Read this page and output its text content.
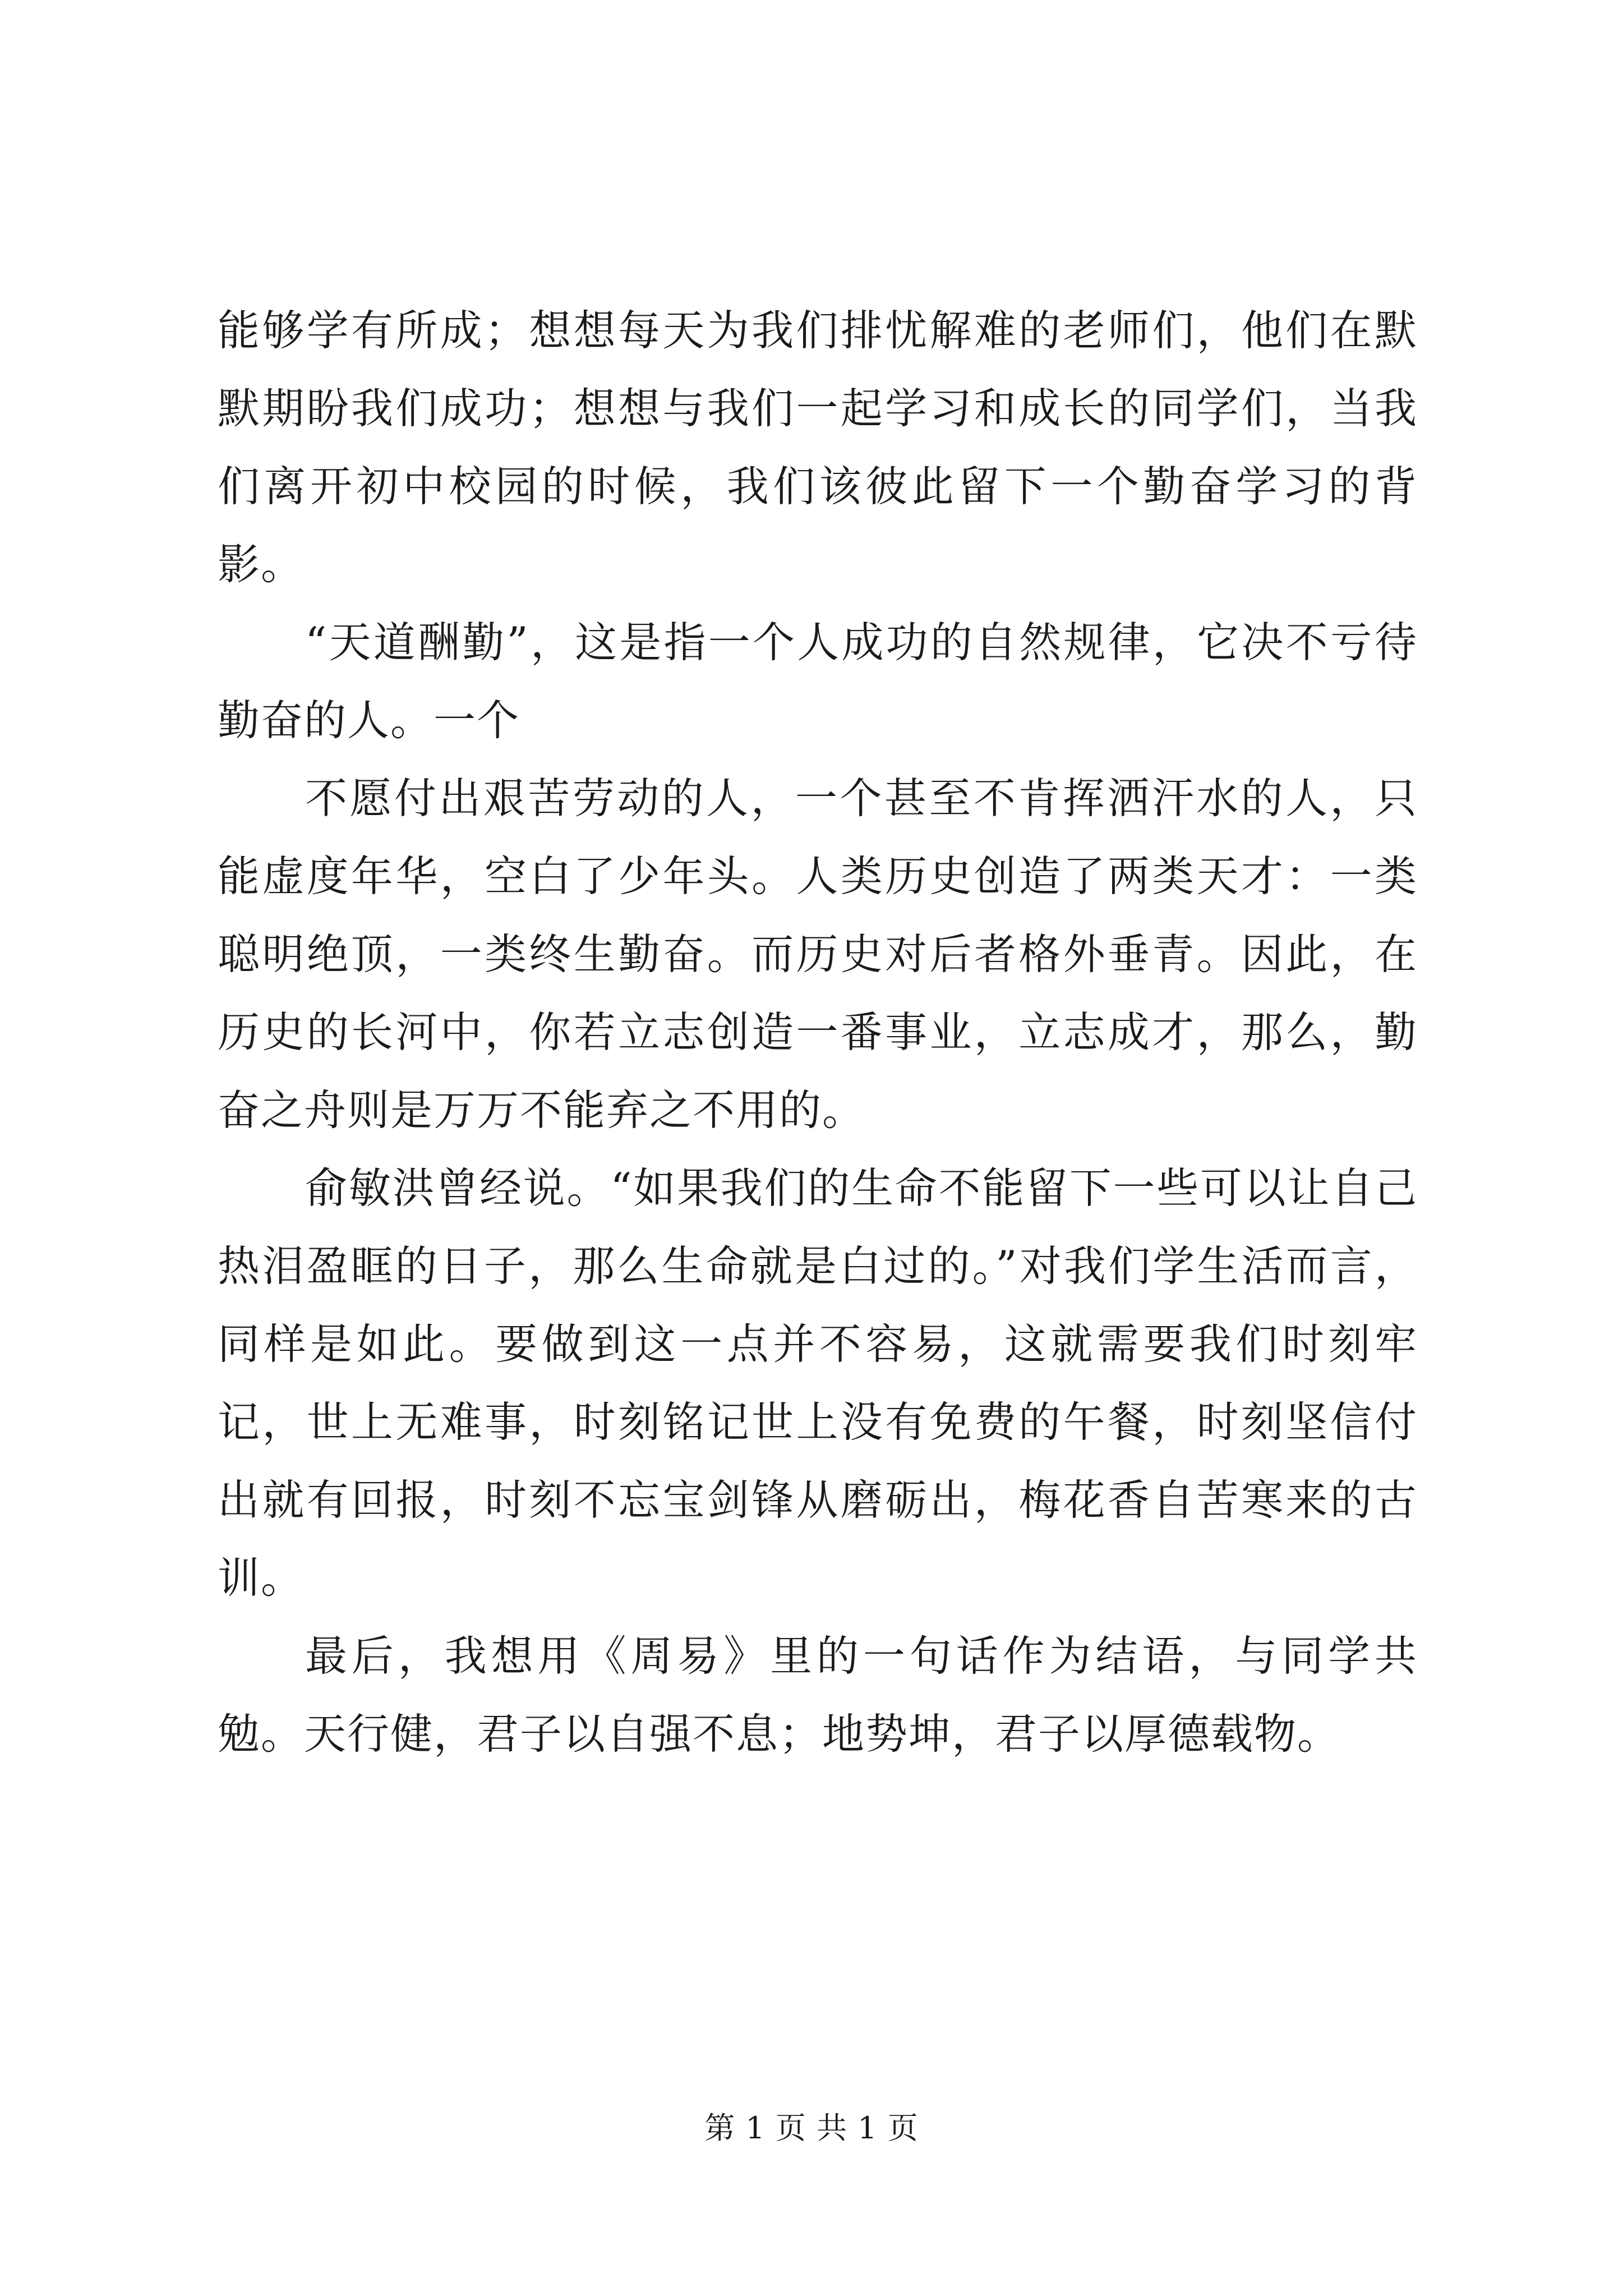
能够学有所成；想想每天为我们排忧解难的老师们，他们在默默期盼我们成功；想想与我们一起学习和成长的同学们，当我们离开初中校园的时候，我们该彼此留下一个勤奋学习的背影。

“天道酬勤”，这是指一个人成功的自然规律，它决不亏待勤奋的人。一个

不愿付出艰苦劳动的人，一个甚至不肯挥洒汗水的人，只能虚度年华，空白了少年头。人类历史创造了两类天才：一类聪明绝顶，一类终生勤奋。而历史对后者格外垂青。因此，在历史的长河中，你若立志创造一番事业，立志成才，那么，勤奋之舟则是万万不能弃之不用的。

俞敏洪曾经说。“如果我们的生命不能留下一些可以让自己热泪盈眶的日子，那么生命就是白过的。”对我们学生活而言，同样是如此。要做到这一点并不容易，这就需要我们时刻牢记，世上无难事，时刻铭记世上没有免费的午餐，时刻坚信付出就有回报，时刻不忘宝剑锋从磨砺出，梅花香自苦寒来的古训。

最后，我想用《周易》里的一句话作为结语，与同学共勉。天行健，君子以自强不息；地势坤，君子以厚德载物。

第 1 页 共 1 页
